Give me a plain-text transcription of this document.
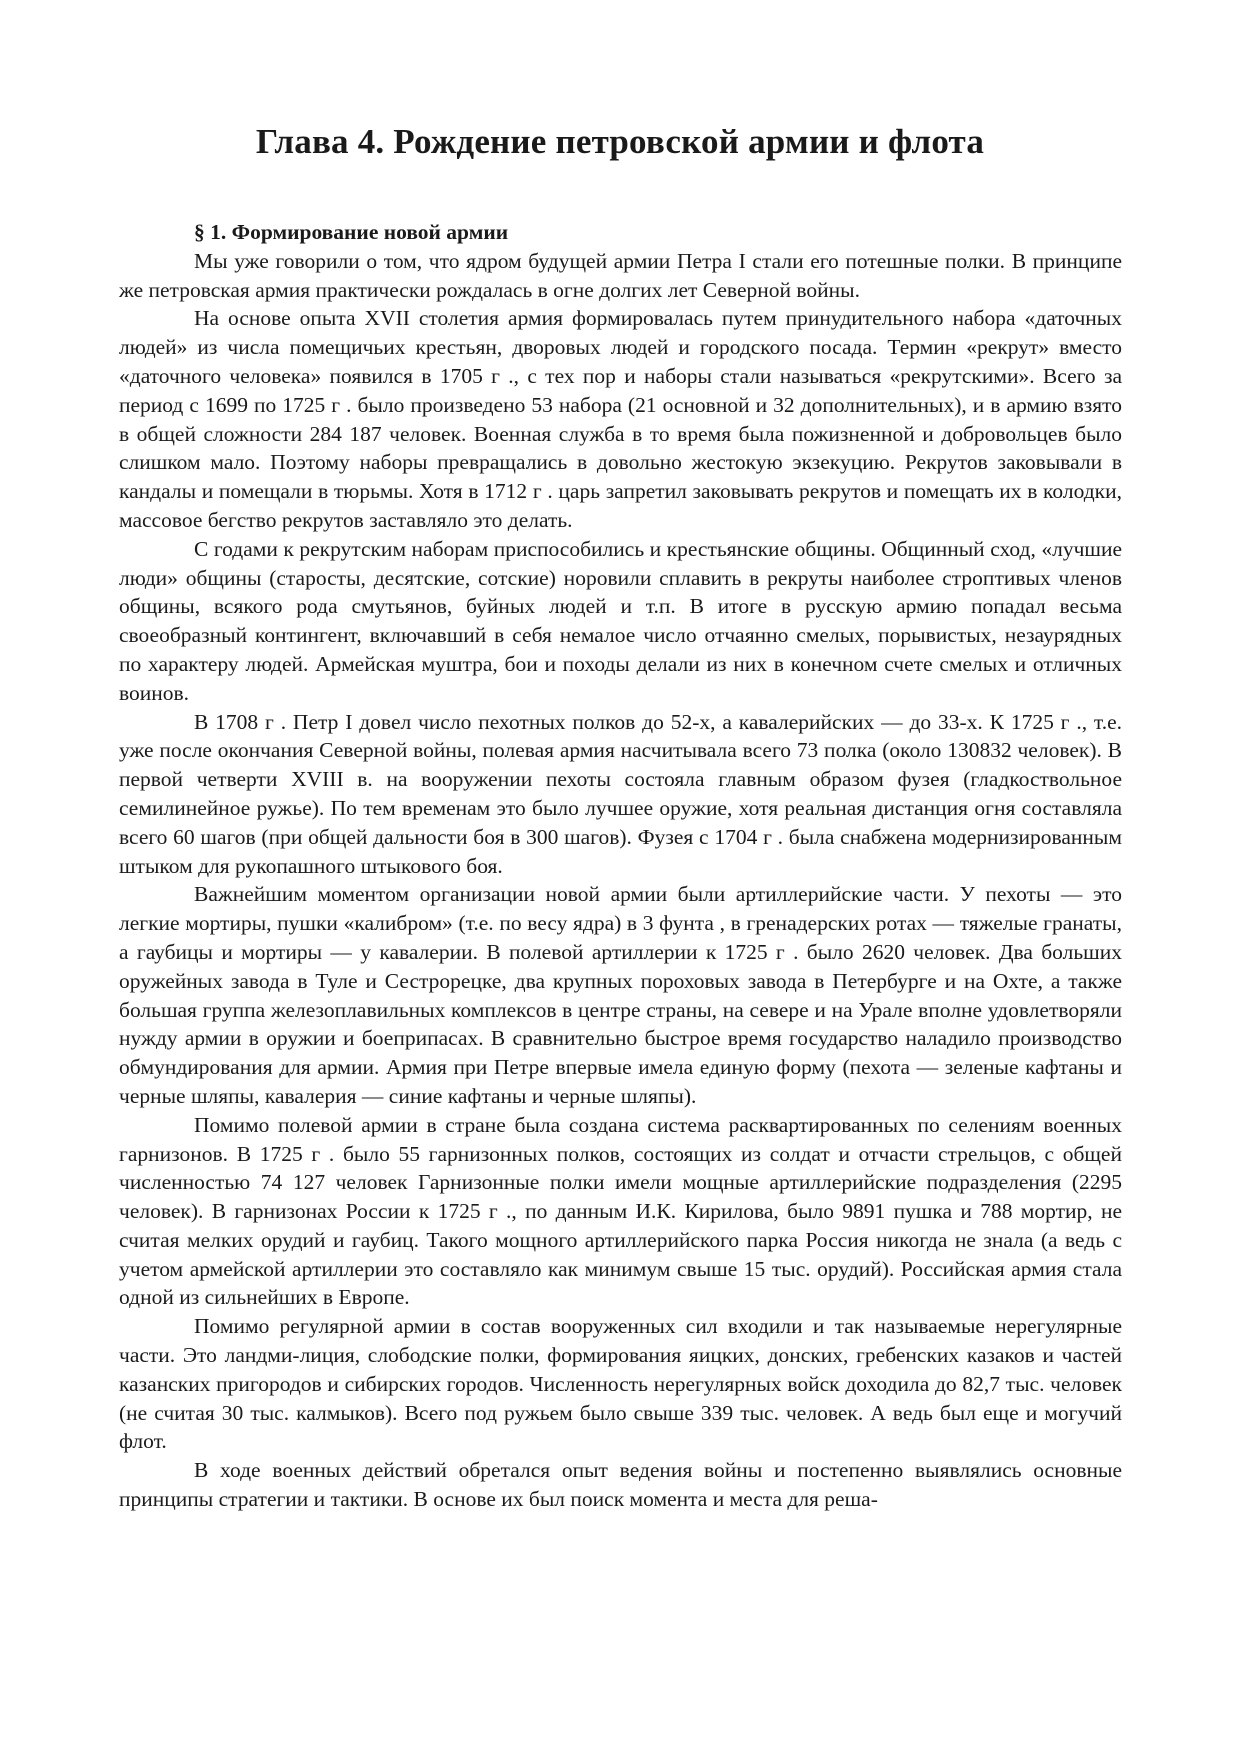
Глава 4. Рождение петровской армии и флота
§ 1. Формирование новой армии

Мы уже говорили о том, что ядром будущей армии Петра I стали его потешные полки. В принципе же петровская армия практически рождалась в огне долгих лет Северной войны.

На основе опыта XVII столетия армия формировалась путем принудительного набора «даточных людей» из числа помещичьих крестьян, дворовых людей и городского посада. Термин «рекрут» вместо «даточного человека» появился в 1705 г ., с тех пор и наборы стали называться «рекрутскими». Всего за период с 1699 по 1725 г . было произведено 53 набора (21 основной и 32 дополнительных), и в армию взято в общей сложности 284 187 человек. Военная служба в то время была пожизненной и добровольцев было слишком мало. Поэтому наборы превращались в довольно жестокую экзекуцию. Рекрутов заковывали в кандалы и помещали в тюрьмы. Хотя в 1712 г . царь запретил заковывать рекрутов и помещать их в колодки, массовое бегство рекрутов заставляло это делать.

С годами к рекрутским наборам приспособились и крестьянские общины. Общинный сход, «лучшие люди» общины (старосты, десятские, сотские) норовили сплавить в рекруты наиболее строптивых членов общины, всякого рода смутьянов, буйных людей и т.п. В итоге в русскую армию попадал весьма своеобразный контингент, включавший в себя немалое число отчаянно смелых, порывистых, незаурядных по характеру людей. Армейская муштра, бои и походы делали из них в конечном счете смелых и отличных воинов.

В 1708 г . Петр I довел число пехотных полков до 52-х, а кавалерийских — до 33-х. К 1725 г ., т.е. уже после окончания Северной войны, полевая армия насчитывала всего 73 полка (около 130832 человек). В первой четверти XVIII в. на вооружении пехоты состояла главным образом фузея (гладкоствольное семилинейное ружье). По тем временам это было лучшее оружие, хотя реальная дистанция огня составляла всего 60 шагов (при общей дальности боя в 300 шагов). Фузея с 1704 г . была снабжена модернизированным штыком для рукопашного штыкового боя.

Важнейшим моментом организации новой армии были артиллерийские части. У пехоты — это легкие мортиры, пушки «калибром» (т.е. по весу ядра) в 3 фунта , в гренадерских ротах — тяжелые гранаты, а гаубицы и мортиры — у кавалерии. В полевой артиллерии к 1725 г . было 2620 человек. Два больших оружейных завода в Туле и Сестрорецке, два крупных пороховых завода в Петербурге и на Охте, а также большая группа железоплавильных комплексов в центре страны, на севере и на Урале вполне удовлетворяли нужду армии в оружии и боеприпасах. В сравнительно быстрое время государство наладило производство обмундирования для армии. Армия при Петре впервые имела единую форму (пехота — зеленые кафтаны и черные шляпы, кавалерия — синие кафтаны и черные шляпы).

Помимо полевой армии в стране была создана система расквартированных по селениям военных гарнизонов. В 1725 г . было 55 гарнизонных полков, состоящих из солдат и отчасти стрельцов, с общей численностью 74 127 человек Гарнизонные полки имели мощные артиллерийские подразделения (2295 человек). В гарнизонах России к 1725 г ., по данным И.К. Кирилова, было 9891 пушка и 788 мортир, не считая мелких орудий и гаубиц. Такого мощного артиллерийского парка Россия никогда не знала (а ведь с учетом армейской артиллерии это составляло как минимум свыше 15 тыс. орудий). Российская армия стала одной из сильнейших в Европе.

Помимо регулярной армии в состав вооруженных сил входили и так называемые нерегулярные части. Это ландми-лиция, слободские полки, формирования яицких, донских, гребенских казаков и частей казанских пригородов и сибирских городов. Численность нерегулярных войск доходила до 82,7 тыс. человек (не считая 30 тыс. калмыков). Всего под ружьем было свыше 339 тыс. человек. А ведь был еще и могучий флот.

В ходе военных действий обретался опыт ведения войны и постепенно выявлялись основные принципы стратегии и тактики. В основе их был поиск момента и места для реша-
